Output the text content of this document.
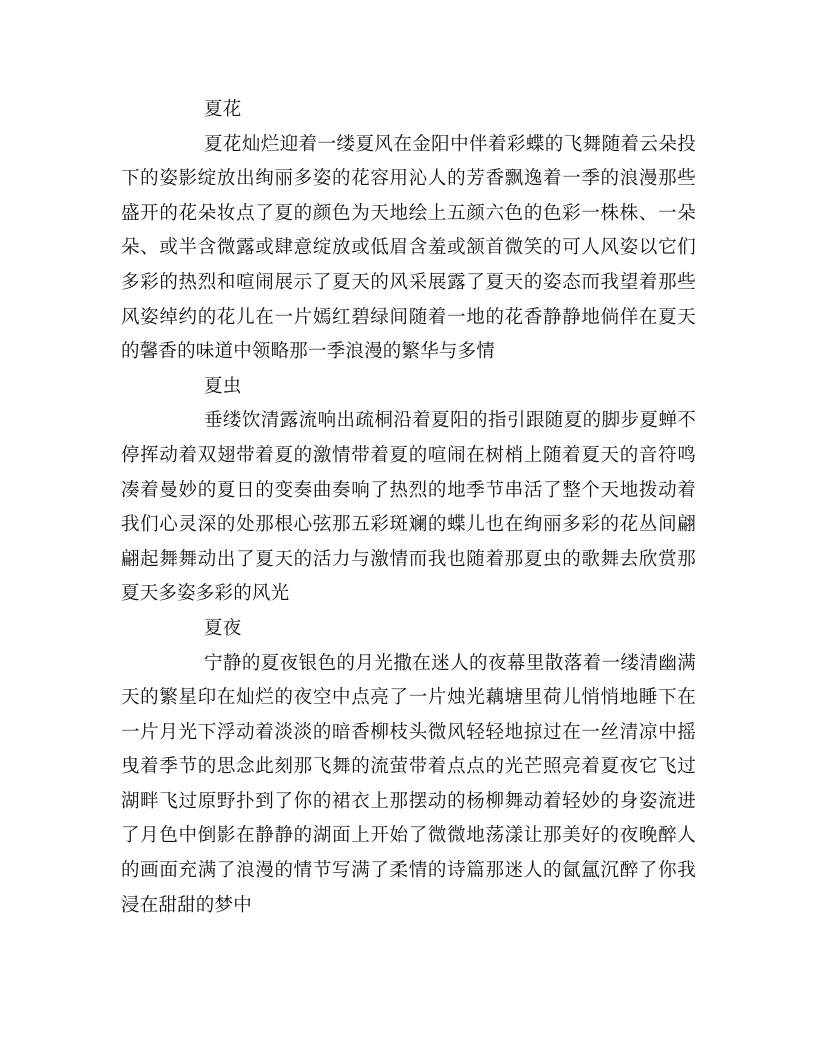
夏花

夏花灿烂迎着一缕夏风在金阳中伴着彩蝶的飞舞随着云朵投下的姿影绽放出绚丽多姿的花容用沁人的芳香飘逸着一季的浪漫那些盛开的花朵妆点了夏的颜色为天地绘上五颜六色的色彩一株株、一朵朵、或半含微露或肆意绽放或低眉含羞或颔首微笑的可人风姿以它们多彩的热烈和喧闹展示了夏天的风采展露了夏天的姿态而我望着那些风姿绰约的花儿在一片嫣红碧绿间随着一地的花香静静地倘佯在夏天的馨香的味道中领略那一季浪漫的繁华与多情

夏虫

垂缕饮清露流响出疏桐沿着夏阳的指引跟随夏的脚步夏蝉不停挥动着双翅带着夏的激情带着夏的喧闹在树梢上随着夏天的音符鸣凑着曼妙的夏日的变奏曲奏响了热烈的地季节串活了整个天地拨动着我们心灵深的处那根心弦那五彩斑斓的蝶儿也在绚丽多彩的花丛间翩翩起舞舞动出了夏天的活力与激情而我也随着那夏虫的歌舞去欣赏那夏天多姿多彩的风光

夏夜

宁静的夏夜银色的月光撒在迷人的夜幕里散落着一缕清幽满天的繁星印在灿烂的夜空中点亮了一片烛光藕塘里荷儿悄悄地睡下在一片月光下浮动着淡淡的暗香柳枝头微风轻轻地掠过在一丝清凉中摇曳着季节的思念此刻那飞舞的流萤带着点点的光芒照亮着夏夜它飞过湖畔飞过原野扑到了你的裙衣上那摆动的杨柳舞动着轻妙的身姿流进了月色中倒影在静静的湖面上开始了微微地荡漾让那美好的夜晚醉人的画面充满了浪漫的情节写满了柔情的诗篇那迷人的氤氲沉醉了你我浸在甜甜的梦中
